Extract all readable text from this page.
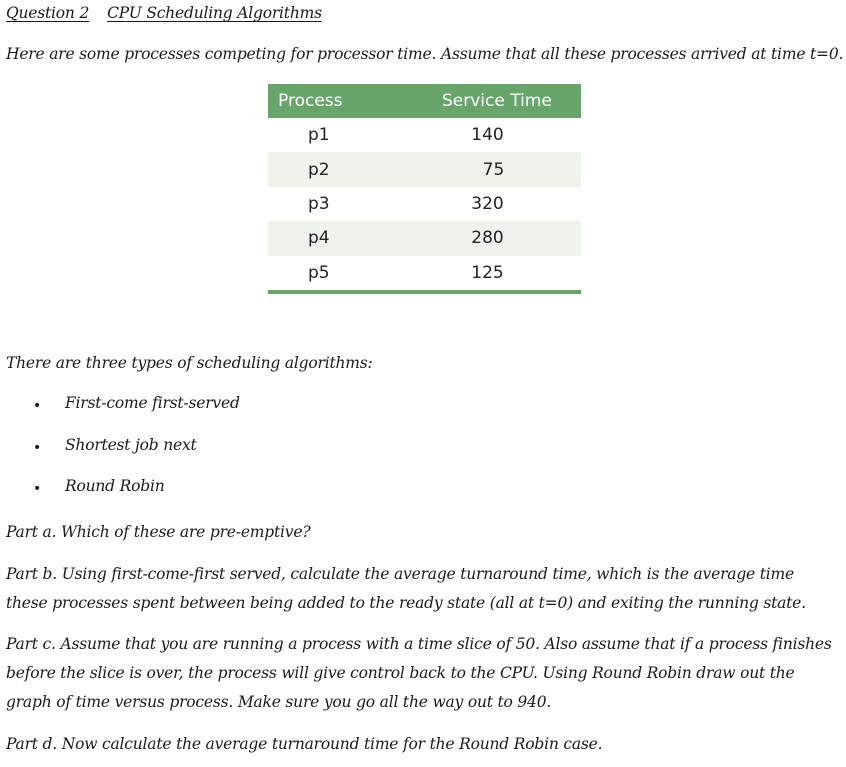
Question 2 CPU Scheduling Algorithms
Here are some processes competing for processor time. Assume that all these processes arrived at time t=0.
Process	Service Time
p1	140
p2	75
p3	320
p4	280
p5	125
There are three types of scheduling algorithms:
• First-come first-served
• Shortest job next
• Round Robin
Part a. Which of these are pre-emptive?
Part b. Using first-come-first served, calculate the average turnaround time, which is the average time these processes spent between being added to the ready state (all at t=0) and exiting the running state.
Part c. Assume that you are running a process with a time slice of 50. Also assume that if a process finishes before the slice is over, the process will give control back to the CPU. Using Round Robin draw out the graph of time versus process. Make sure you go all the way out to 940.
Part d. Now calculate the average turnaround time for the Round Robin case.
